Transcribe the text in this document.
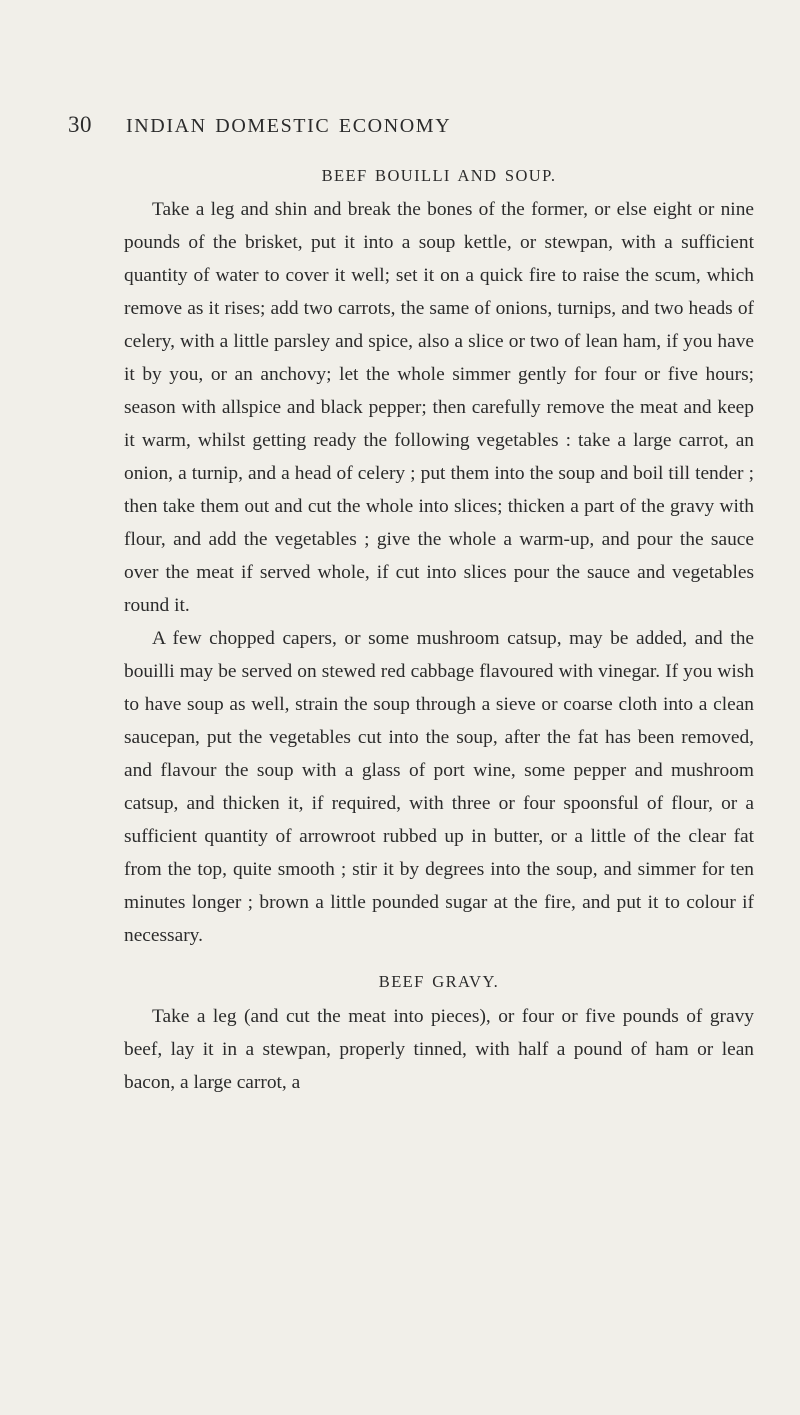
30 INDIAN DOMESTIC ECONOMY
BEEF BOUILLI AND SOUP.

Take a leg and shin and break the bones of the former, or else eight or nine pounds of the brisket, put it into a soup kettle, or stewpan, with a sufficient quantity of water to cover it well; set it on a quick fire to raise the scum, which remove as it rises; add two carrots, the same of onions, turnips, and two heads of celery, with a little parsley and spice, also a slice or two of lean ham, if you have it by you, or an anchovy; let the whole simmer gently for four or five hours; season with allspice and black pepper; then carefully remove the meat and keep it warm, whilst getting ready the following vegetables : take a large carrot, an onion, a turnip, and a head of celery ; put them into the soup and boil till tender ; then take them out and cut the whole into slices; thicken a part of the gravy with flour, and add the vegetables ; give the whole a warm-up, and pour the sauce over the meat if served whole, if cut into slices pour the sauce and vegetables round it.

A few chopped capers, or some mushroom catsup, may be added, and the bouilli may be served on stewed red cabbage flavoured with vinegar. If you wish to have soup as well, strain the soup through a sieve or coarse cloth into a clean saucepan, put the vegetables cut into the soup, after the fat has been removed, and flavour the soup with a glass of port wine, some pepper and mushroom catsup, and thicken it, if required, with three or four spoonsful of flour, or a sufficient quantity of arrowroot rubbed up in butter, or a little of the clear fat from the top, quite smooth ; stir it by degrees into the soup, and simmer for ten minutes longer ; brown a little pounded sugar at the fire, and put it to colour if necessary.

BEEF GRAVY.

Take a leg (and cut the meat into pieces), or four or five pounds of gravy beef, lay it in a stewpan, properly tinned, with half a pound of ham or lean bacon, a large carrot, a
